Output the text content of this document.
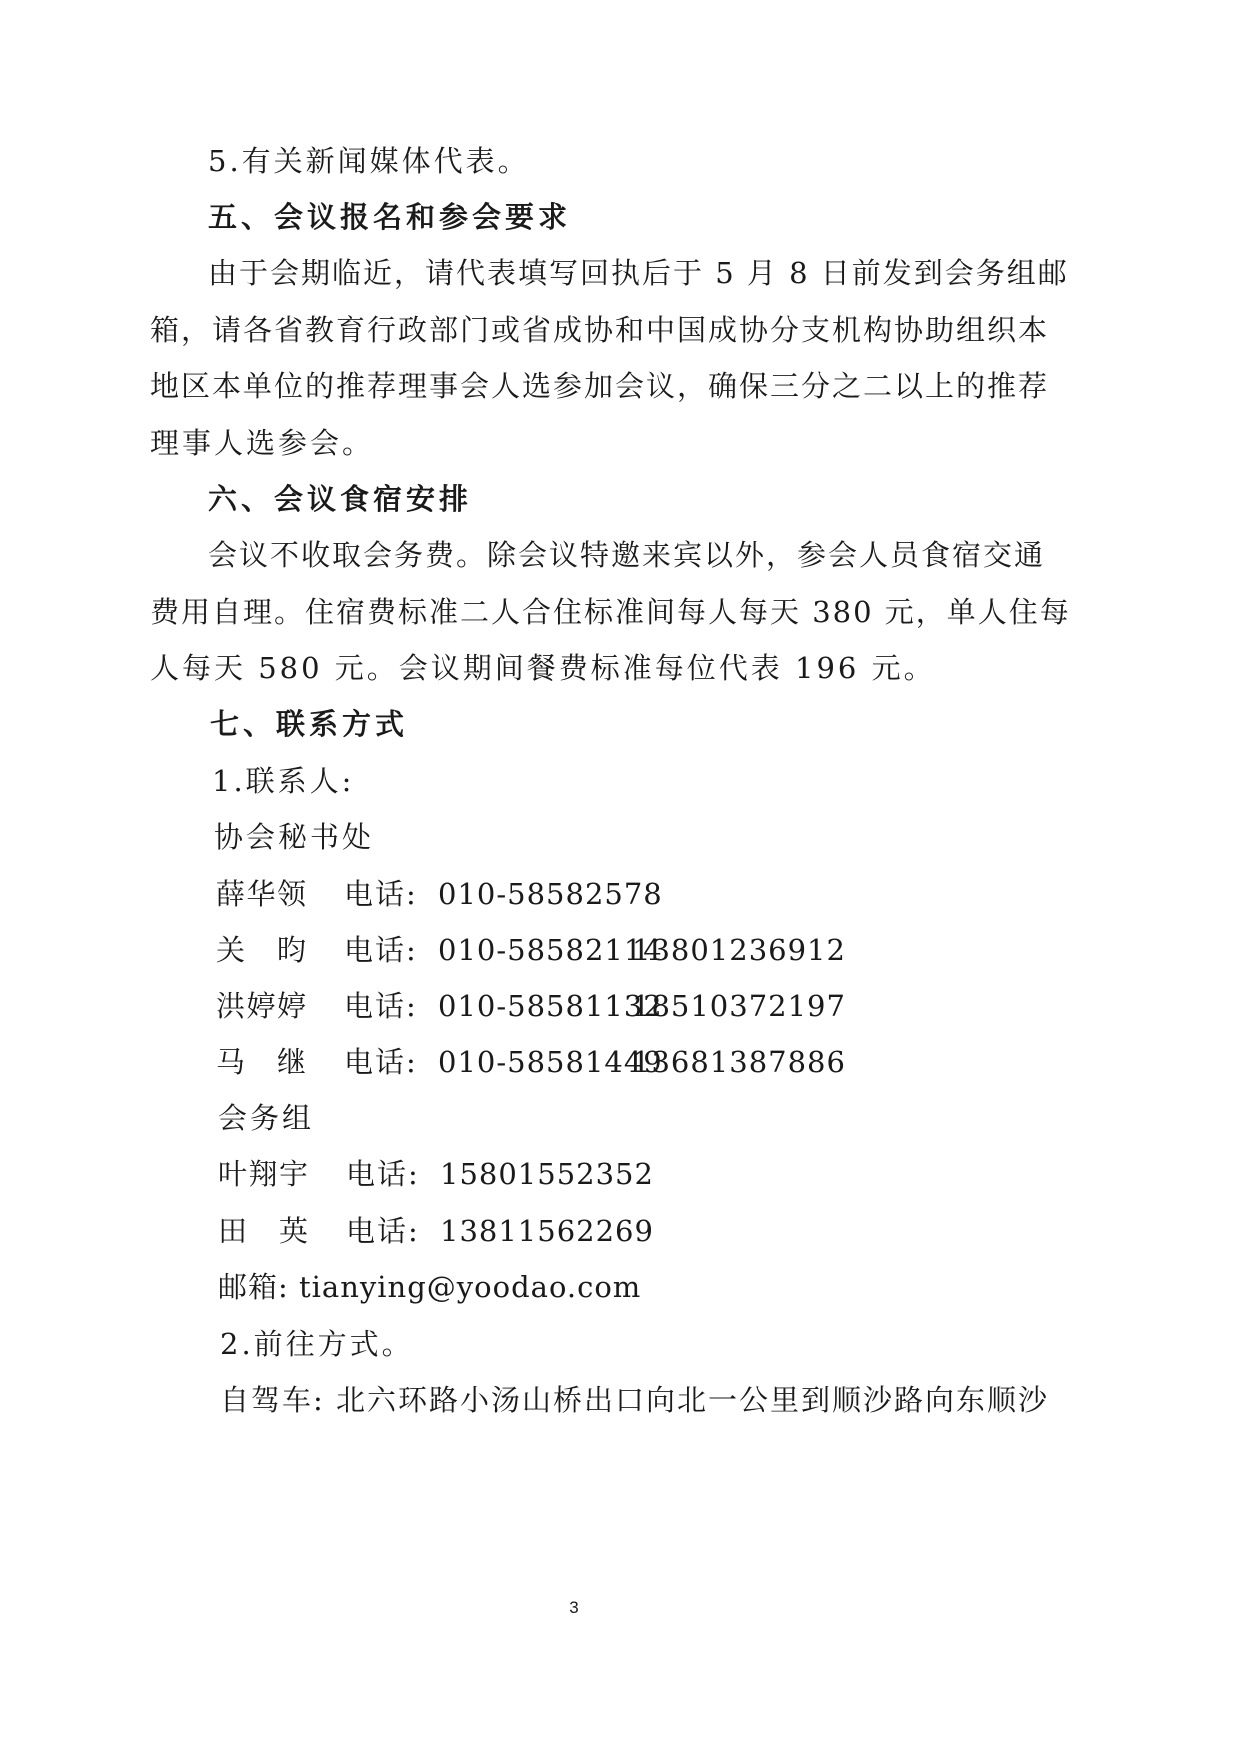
5.有关新闻媒体代表。
五、会议报名和参会要求
由于会期临近，请代表填写回执后于 5 月 8 日前发到会务组邮
箱，请各省教育行政部门或省成协和中国成协分支机构协助组织本
地区本单位的推荐理事会人选参加会议，确保三分之二以上的推荐
理事人选参会。
六、会议食宿安排
会议不收取会务费。除会议特邀来宾以外，参会人员食宿交通
费用自理。住宿费标准二人合住标准间每人每天 380 元，单人住每
人每天 580 元。会议期间餐费标准每位代表 196 元。
七、联系方式
1.联系人:
协会秘书处
薛华领 电话: 010-58582578
关 昀 电话: 010-58582114
13801236912
洪婷婷 电话: 010-58581132
18510372197
马 继 电话: 010-58581449
13681387886
会务组
叶翔宇 电话: 15801552352
田 英 电话: 13811562269
邮箱: tianying@yoodao.com
2.前往方式。
自驾车: 北六环路小汤山桥出口向北一公里到顺沙路向东顺沙
3
